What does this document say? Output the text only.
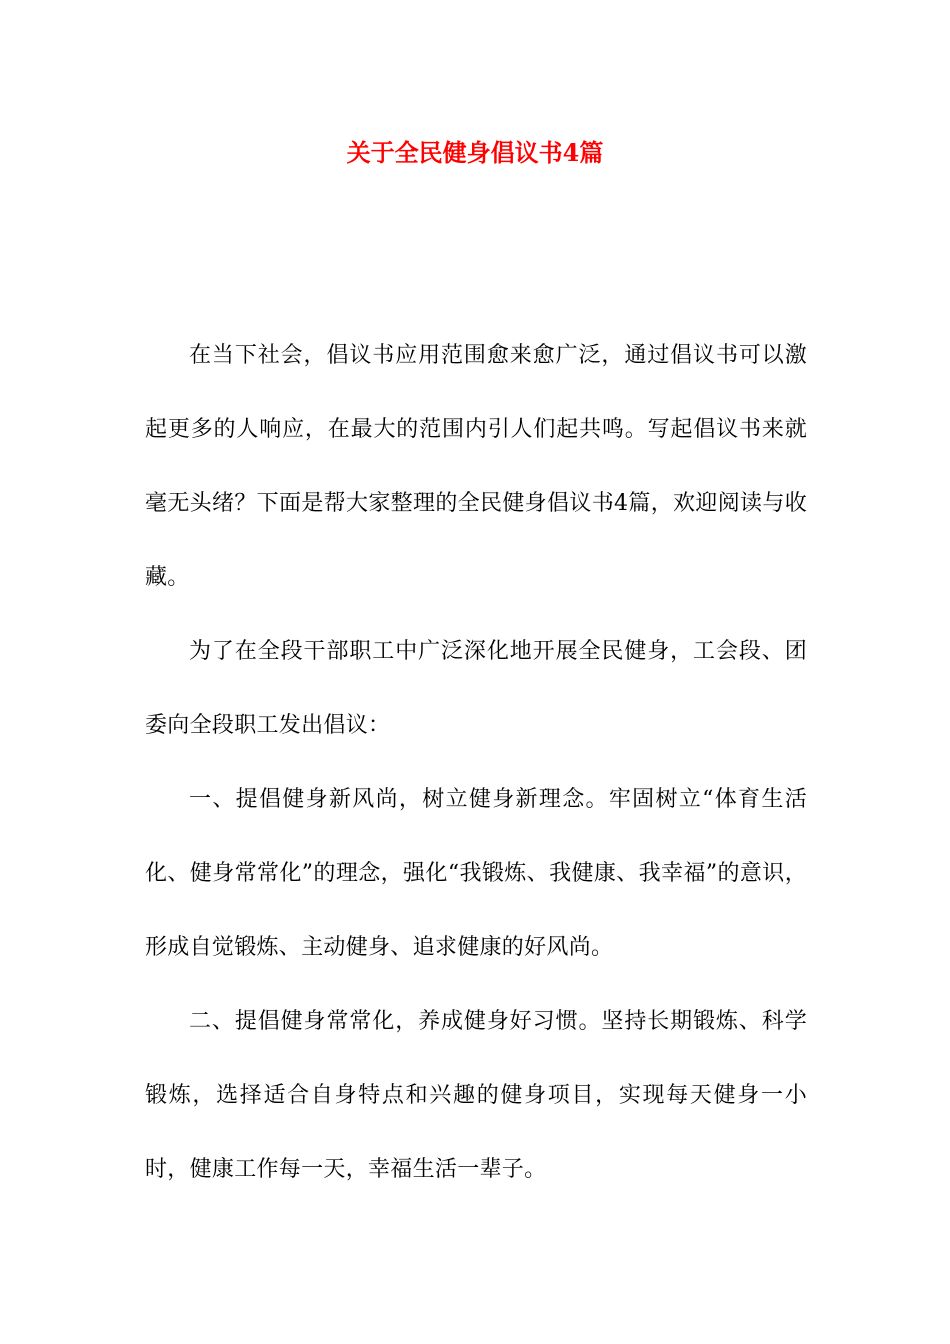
关于全民健身倡议书4篇

在当下社会，倡议书应用范围愈来愈广泛，通过倡议书可以激起更多的人响应，在最大的范围内引人们起共鸣。写起倡议书来就毫无头绪？下面是帮大家整理的全民健身倡议书4篇，欢迎阅读与收藏。

为了在全段干部职工中广泛深化地开展全民健身，工会段、团委向全段职工发出倡议：

一、提倡健身新风尚，树立健身新理念。牢固树立“体育生活化、健身常常化”的理念，强化“我锻炼、我健康、我幸福”的意识，形成自觉锻炼、主动健身、追求健康的好风尚。

二、提倡健身常常化，养成健身好习惯。坚持长期锻炼、科学锻炼，选择适合自身特点和兴趣的健身项目，实现每天健身一小时，健康工作每一天，幸福生活一辈子。
